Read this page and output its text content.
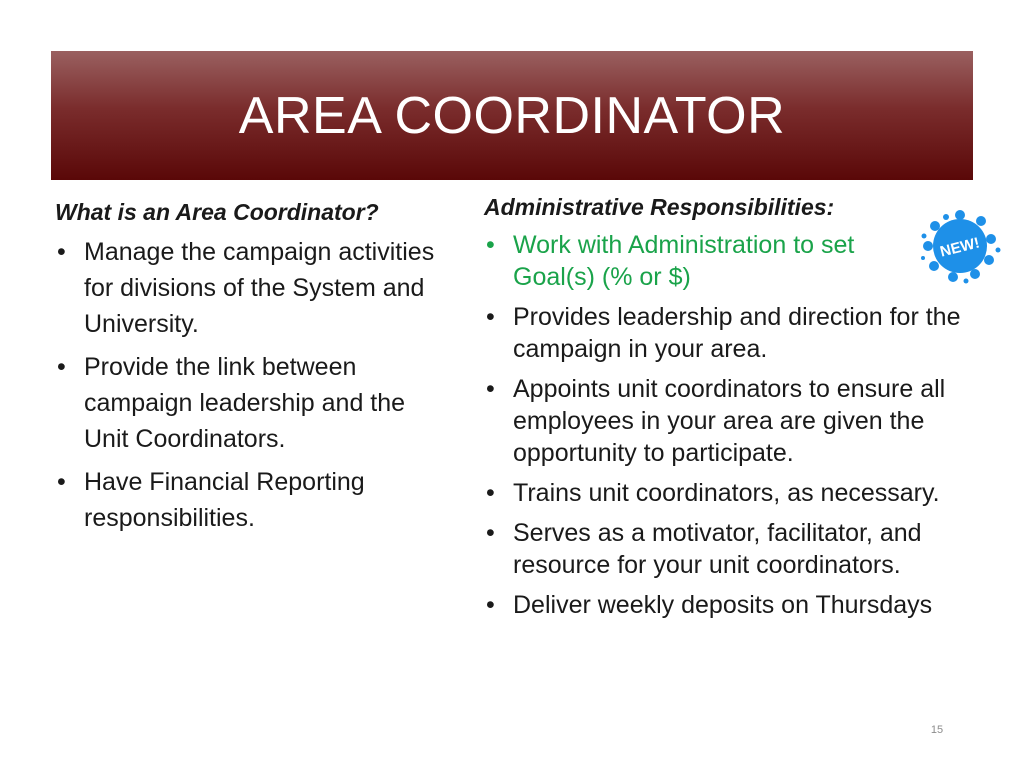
AREA COORDINATOR
What is an Area Coordinator?
• Manage the campaign activities for divisions of the System and University.
• Provide the link between campaign leadership and the Unit Coordinators.
• Have Financial Reporting responsibilities.
Administrative Responsibilities:
• Work with Administration to set Goal(s) (% or $)
• Provides leadership and direction for the campaign in your area.
• Appoints unit coordinators to ensure all employees in your area are given the opportunity to participate.
• Trains unit coordinators, as necessary.
• Serves as a motivator, facilitator, and resource for your unit coordinators.
• Deliver weekly deposits on Thursdays
NEW!
15
